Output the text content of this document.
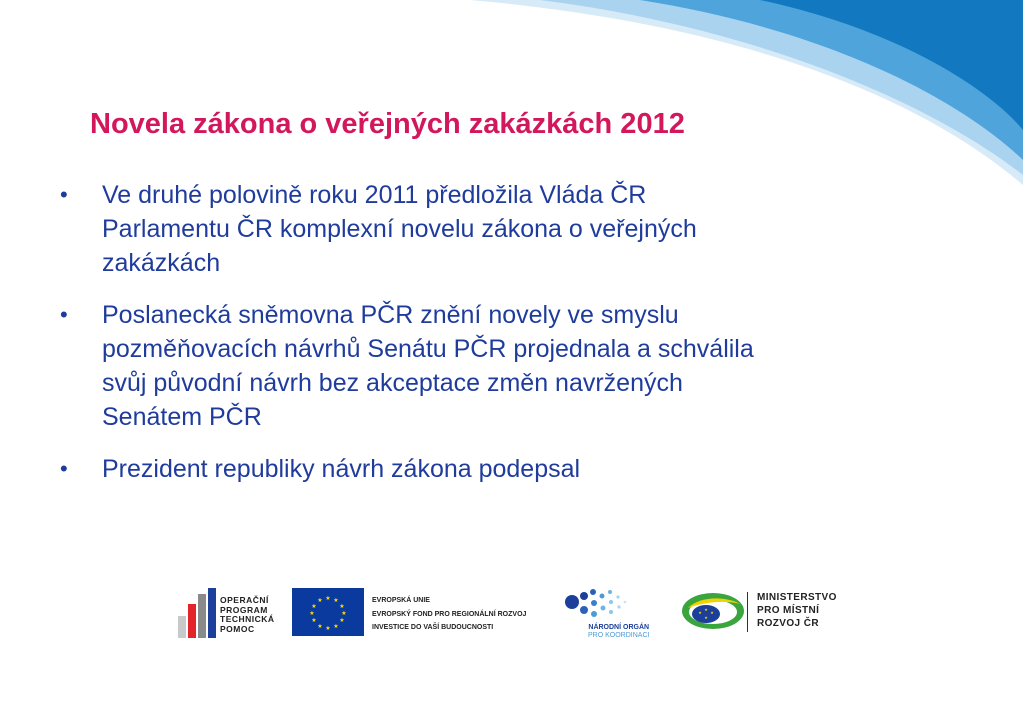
Novela zákona o veřejných zakázkách 2012
•	Ve druhé polovině roku 2011 předložila Vláda ČR
Parlamentu ČR komplexní novelu zákona o veřejných
zakázkách
•	Poslanecká sněmovna PČR znění novely ve smyslu
pozměňovacích návrhů Senátu PČR projednala a schválila
svůj původní návrh bez akceptace změn navržených
Senátem PČR
•	Prezident republiky návrh zákona podepsal
OPERAČNÍ
PROGRAM
TECHNICKÁ
POMOC
★ ★
★
★
★
★
★
★
★
★
★
★	EVROPSKÁ UNIE
EVROPSKÝ FOND PRO REGIONÁLNÍ ROZVOJ
INVESTICE DO VAŠÍ BUDOUCNOSTI	NÁRODNÍ ORGÁN
PRO KOORDINACI
★
★
★
★
MINISTERSTVO
PRO MÍSTNÍ
ROZVOJ ČR
